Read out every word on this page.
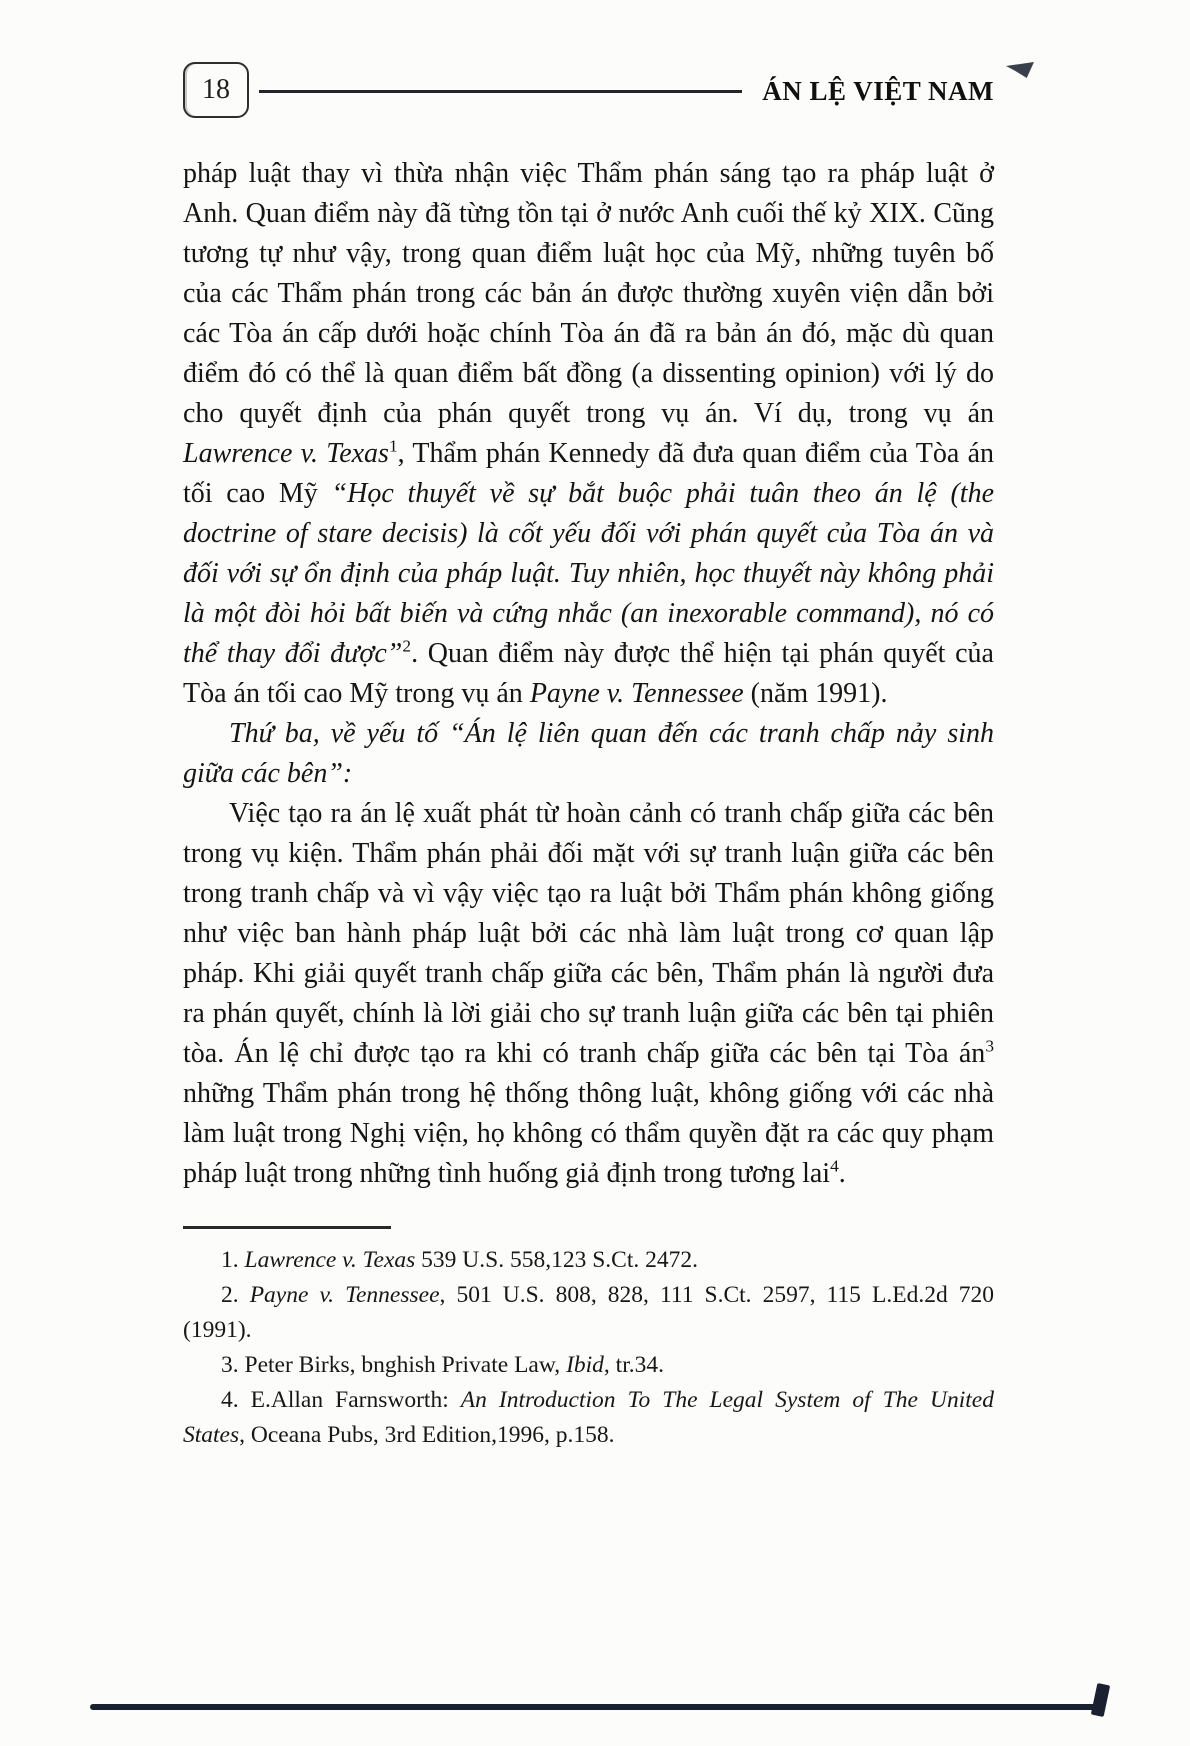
18	ÁN LỆ VIỆT NAM

pháp luật thay vì thừa nhận việc Thẩm phán sáng tạo ra pháp luật ở Anh. Quan điểm này đã từng tồn tại ở nước Anh cuối thế kỷ XIX. Cũng tương tự như vậy, trong quan điểm luật học của Mỹ, những tuyên bố của các Thẩm phán trong các bản án được thường xuyên viện dẫn bởi các Tòa án cấp dưới hoặc chính Tòa án đã ra bản án đó, mặc dù quan điểm đó có thể là quan điểm bất đồng (a dissenting opinion) với lý do cho quyết định của phán quyết trong vụ án. Ví dụ, trong vụ án Lawrence v. Texas$^1$, Thẩm phán Kennedy đã đưa quan điểm của Tòa án tối cao Mỹ “Học thuyết về sự bắt buộc phải tuân theo án lệ (the doctrine of stare decisis) là cốt yếu đối với phán quyết của Tòa án và đối với sự ổn định của pháp luật. Tuy nhiên, học thuyết này không phải là một đòi hỏi bất biến và cứng nhắc (an inexorable command), nó có thể thay đổi được”$^2$. Quan điểm này được thể hiện tại phán quyết của Tòa án tối cao Mỹ trong vụ án Payne v. Tennessee (năm 1991).

Thứ ba, về yếu tố “Án lệ liên quan đến các tranh chấp nảy sinh giữa các bên”:

Việc tạo ra án lệ xuất phát từ hoàn cảnh có tranh chấp giữa các bên trong vụ kiện. Thẩm phán phải đối mặt với sự tranh luận giữa các bên trong tranh chấp và vì vậy việc tạo ra luật bởi Thẩm phán không giống như việc ban hành pháp luật bởi các nhà làm luật trong cơ quan lập pháp. Khi giải quyết tranh chấp giữa các bên, Thẩm phán là người đưa ra phán quyết, chính là lời giải cho sự tranh luận giữa các bên tại phiên tòa. Án lệ chỉ được tạo ra khi có tranh chấp giữa các bên tại Tòa $án^3$ những Thẩm phán trong hệ thống thông luật, không giống với các nhà làm luật trong Nghị viện, họ không có thẩm quyền đặt ra các quy phạm pháp luật trong những tình huống giả định trong tương lai$^4$.

1. Lawrence v. Texas 539 U.S. 558,123 S.Ct. 2472.

2. Payne v. Tennessee, 501 U.S. 808, 828, 111 S.Ct. 2597, 115 L.Ed.2d 720 (1991).

3. Peter Birks, bnghish Private Law, Ibid, tr.34.

4. E.Allan Farnsworth: An Introduction To The Legal System of The United States, Oceana Pubs, 3rd Edition,1996, p.158.
